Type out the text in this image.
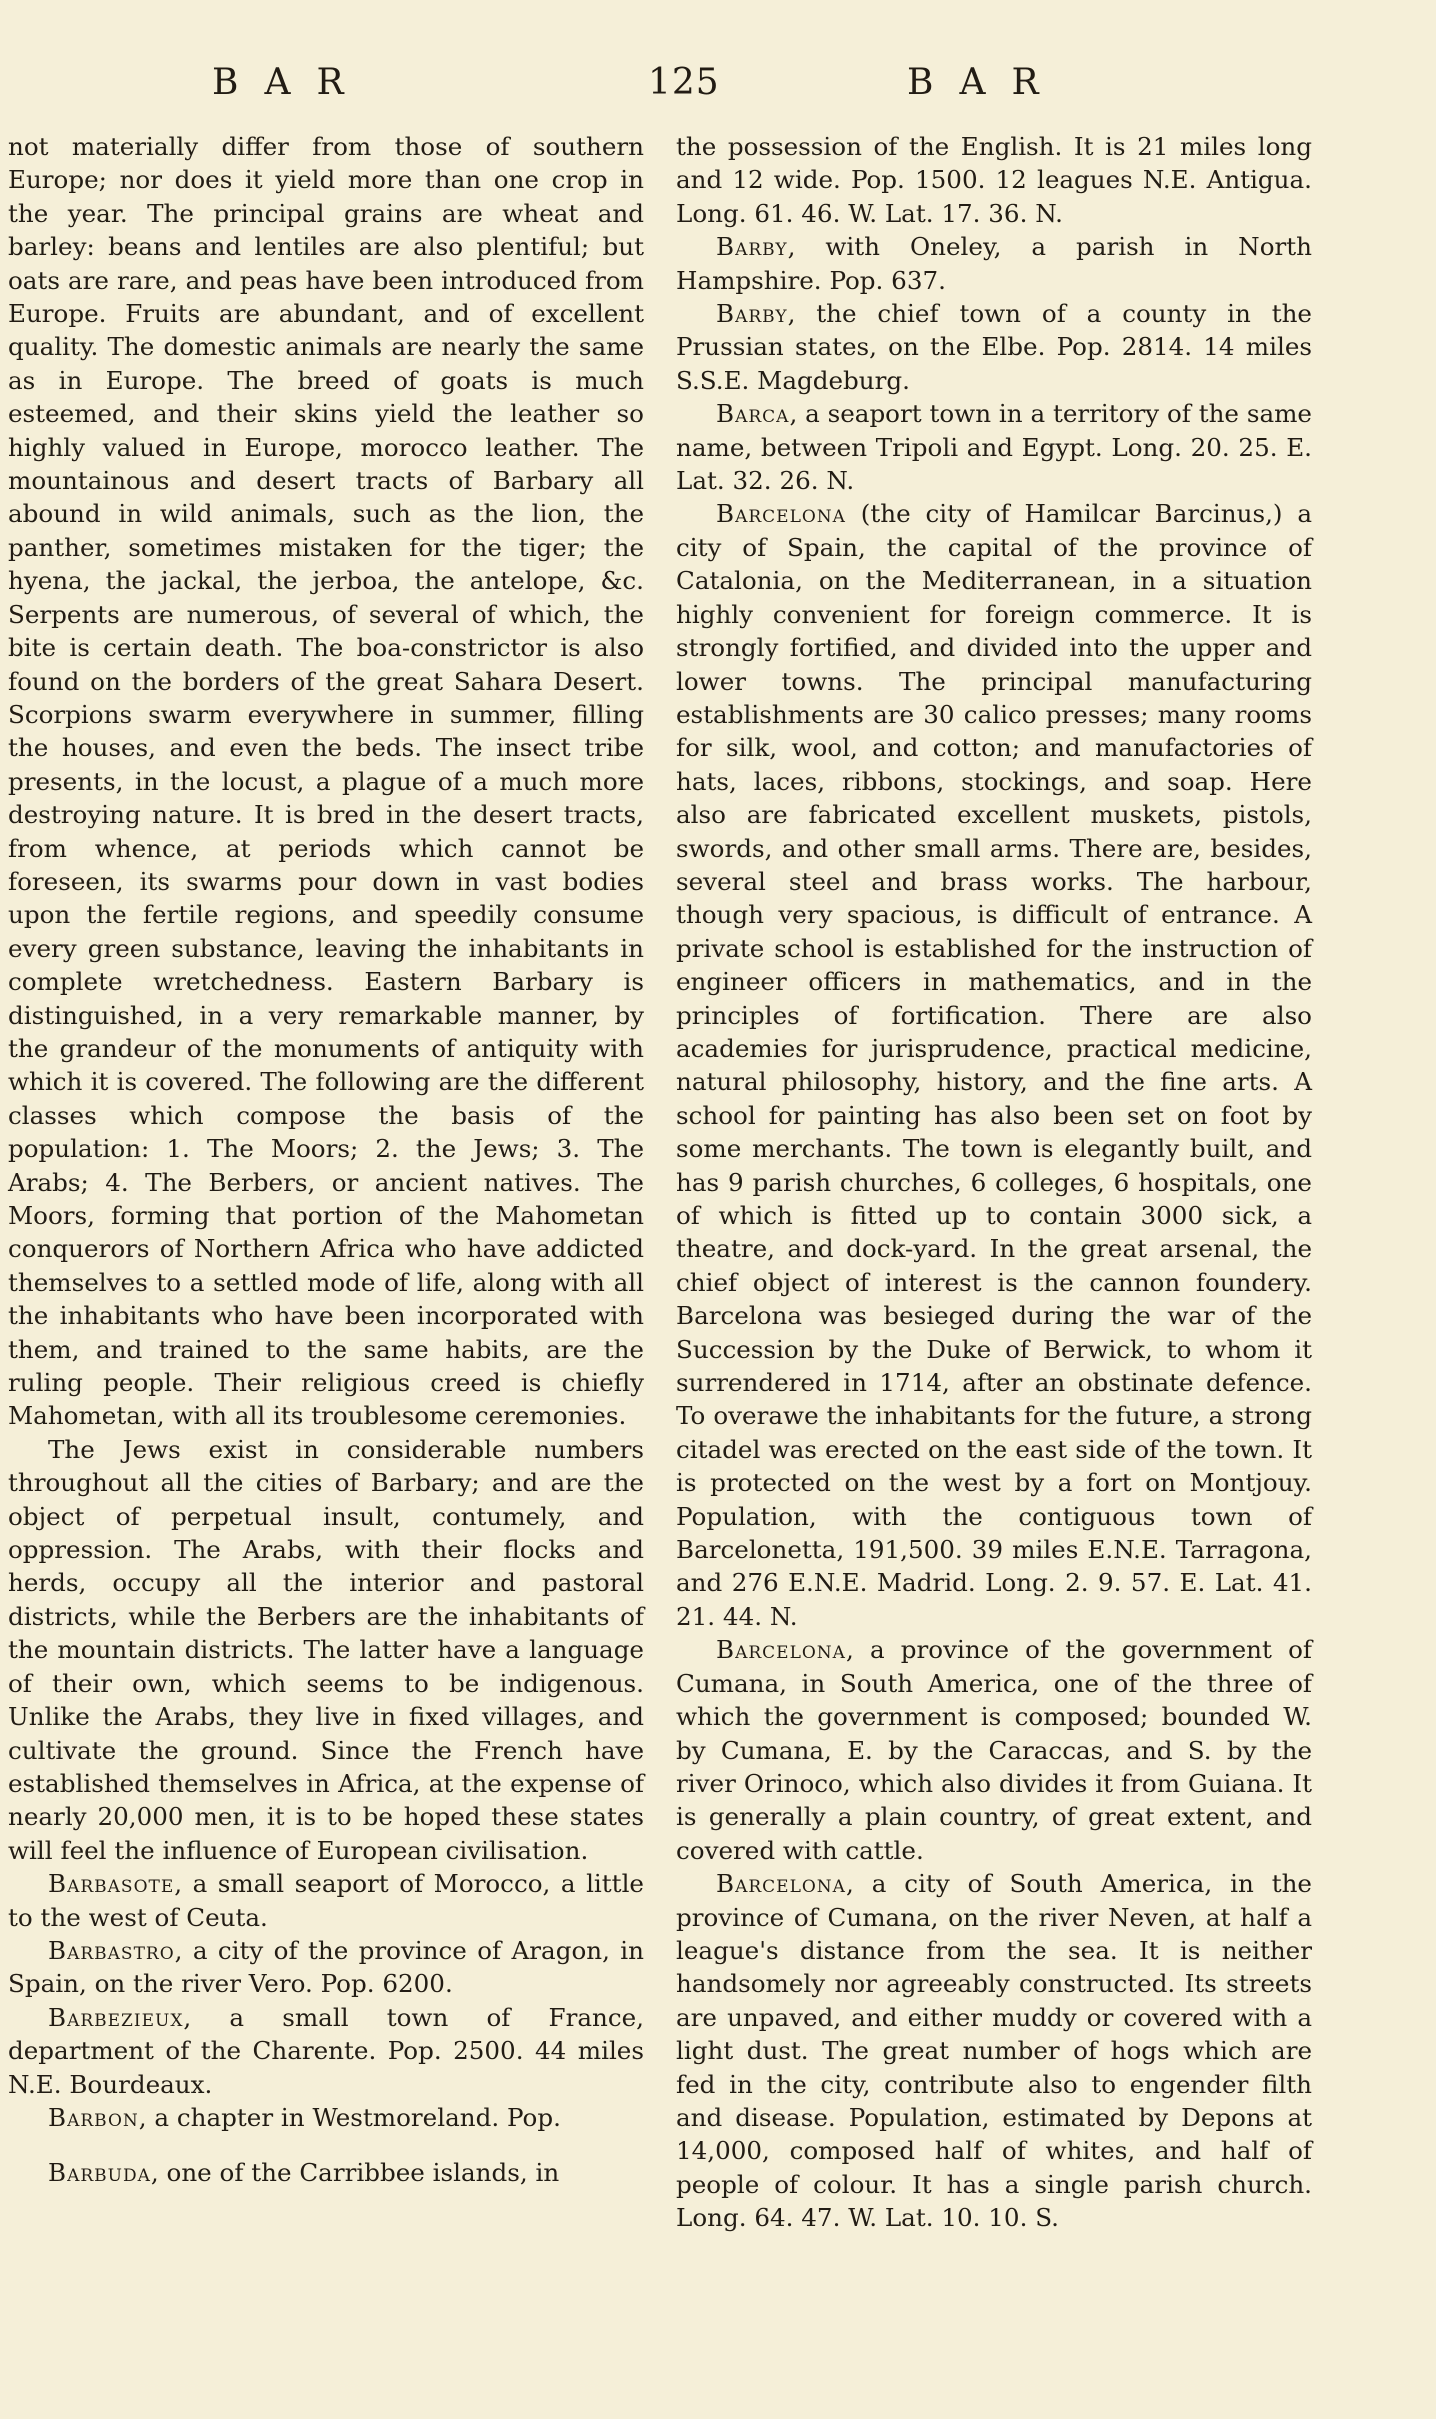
BAR	125	BAR

not materially differ from those of southern Europe; nor does it yield more than one crop in the year. The principal grains are wheat and barley: beans and lentiles are also plentiful; but oats are rare, and peas have been introduced from Europe. Fruits are abundant, and of excellent quality. The domestic animals are nearly the same as in Europe. The breed of goats is much esteemed, and their skins yield the leather so highly valued in Europe, morocco leather. The mountainous and desert tracts of Barbary all abound in wild animals, such as the lion, the panther, sometimes mistaken for the tiger; the hyena, the jackal, the jerboa, the antelope, &c. Serpents are numerous, of several of which, the bite is certain death. The boa-constrictor is also found on the borders of the great Sahara Desert. Scorpions swarm everywhere in summer, filling the houses, and even the beds. The insect tribe presents, in the locust, a plague of a much more destroying nature. It is bred in the desert tracts, from whence, at periods which cannot be foreseen, its swarms pour down in vast bodies upon the fertile regions, and speedily consume every green substance, leaving the inhabitants in complete wretchedness. Eastern Barbary is distinguished, in a very remarkable manner, by the grandeur of the monuments of antiquity with which it is covered. The following are the different classes which compose the basis of the population: 1. The Moors; 2. the Jews; 3. The Arabs; 4. The Berbers, or ancient natives. The Moors, forming that portion of the Mahometan conquerors of Northern Africa who have addicted themselves to a settled mode of life, along with all the inhabitants who have been incorporated with them, and trained to the same habits, are the ruling people. Their religious creed is chiefly Mahometan, with all its troublesome ceremonies.

The Jews exist in considerable numbers throughout all the cities of Barbary; and are the object of perpetual insult, contumely, and oppression. The Arabs, with their flocks and herds, occupy all the interior and pastoral districts, while the Berbers are the inhabitants of the mountain districts. The latter have a language of their own, which seems to be indigenous. Unlike the Arabs, they live in fixed villages, and cultivate the ground. Since the French have established themselves in Africa, at the expense of nearly 20,000 men, it is to be hoped these states will feel the influence of European civilisation.

Barbasote, a small seaport of Morocco, a little to the west of Ceuta.

Barbastro, a city of the province of Aragon, in Spain, on the river Vero. Pop. 6200.

Barbezieux, a small town of France, department of the Charente. Pop. 2500. 44 miles N.E. Bourdeaux.

Barbon, a chapter in Westmoreland. Pop.

Barbuda, one of the Carribbee islands, in

the possession of the English. It is 21 miles long and 12 wide. Pop. 1500. 12 leagues N.E. Antigua. Long. 61. 46. W. Lat. 17. 36. N.

Barby, with Oneley, a parish in North Hampshire. Pop. 637.

Barby, the chief town of a county in the Prussian states, on the Elbe. Pop. 2814. 14 miles S.S.E. Magdeburg.

Barca, a seaport town in a territory of the same name, between Tripoli and Egypt. Long. 20. 25. E. Lat. 32. 26. N.

Barcelona (the city of Hamilcar Barcinus,) a city of Spain, the capital of the province of Catalonia, on the Mediterranean, in a situation highly convenient for foreign commerce. It is strongly fortified, and divided into the upper and lower towns. The principal manufacturing establishments are 30 calico presses; many rooms for silk, wool, and cotton; and manufactories of hats, laces, ribbons, stockings, and soap. Here also are fabricated excellent muskets, pistols, swords, and other small arms. There are, besides, several steel and brass works. The harbour, though very spacious, is difficult of entrance. A private school is established for the instruction of engineer officers in mathematics, and in the principles of fortification. There are also academies for jurisprudence, practical medicine, natural philosophy, history, and the fine arts. A school for painting has also been set on foot by some merchants. The town is elegantly built, and has 9 parish churches, 6 colleges, 6 hospitals, one of which is fitted up to contain 3000 sick, a theatre, and dock-yard. In the great arsenal, the chief object of interest is the cannon foundery. Barcelona was besieged during the war of the Succession by the Duke of Berwick, to whom it surrendered in 1714, after an obstinate defence. To overawe the inhabitants for the future, a strong citadel was erected on the east side of the town. It is protected on the west by a fort on Montjouy. Population, with the contiguous town of Barcelonetta, 191,500. 39 miles E.N.E. Tarragona, and 276 E.N.E. Madrid. Long. 2. 9. 57. E. Lat. 41. 21. 44. N.

Barcelona, a province of the government of Cumana, in South America, one of the three of which the government is composed; bounded W. by Cumana, E. by the Caraccas, and S. by the river Orinoco, which also divides it from Guiana. It is generally a plain country, of great extent, and covered with cattle.

Barcelona, a city of South America, in the province of Cumana, on the river Neven, at half a league's distance from the sea. It is neither handsomely nor agreeably constructed. Its streets are unpaved, and either muddy or covered with a light dust. The great number of hogs which are fed in the city, contribute also to engender filth and disease. Population, estimated by Depons at 14,000, composed half of whites, and half of people of colour. It has a single parish church. Long. 64. 47. W. Lat. 10. 10. S.
